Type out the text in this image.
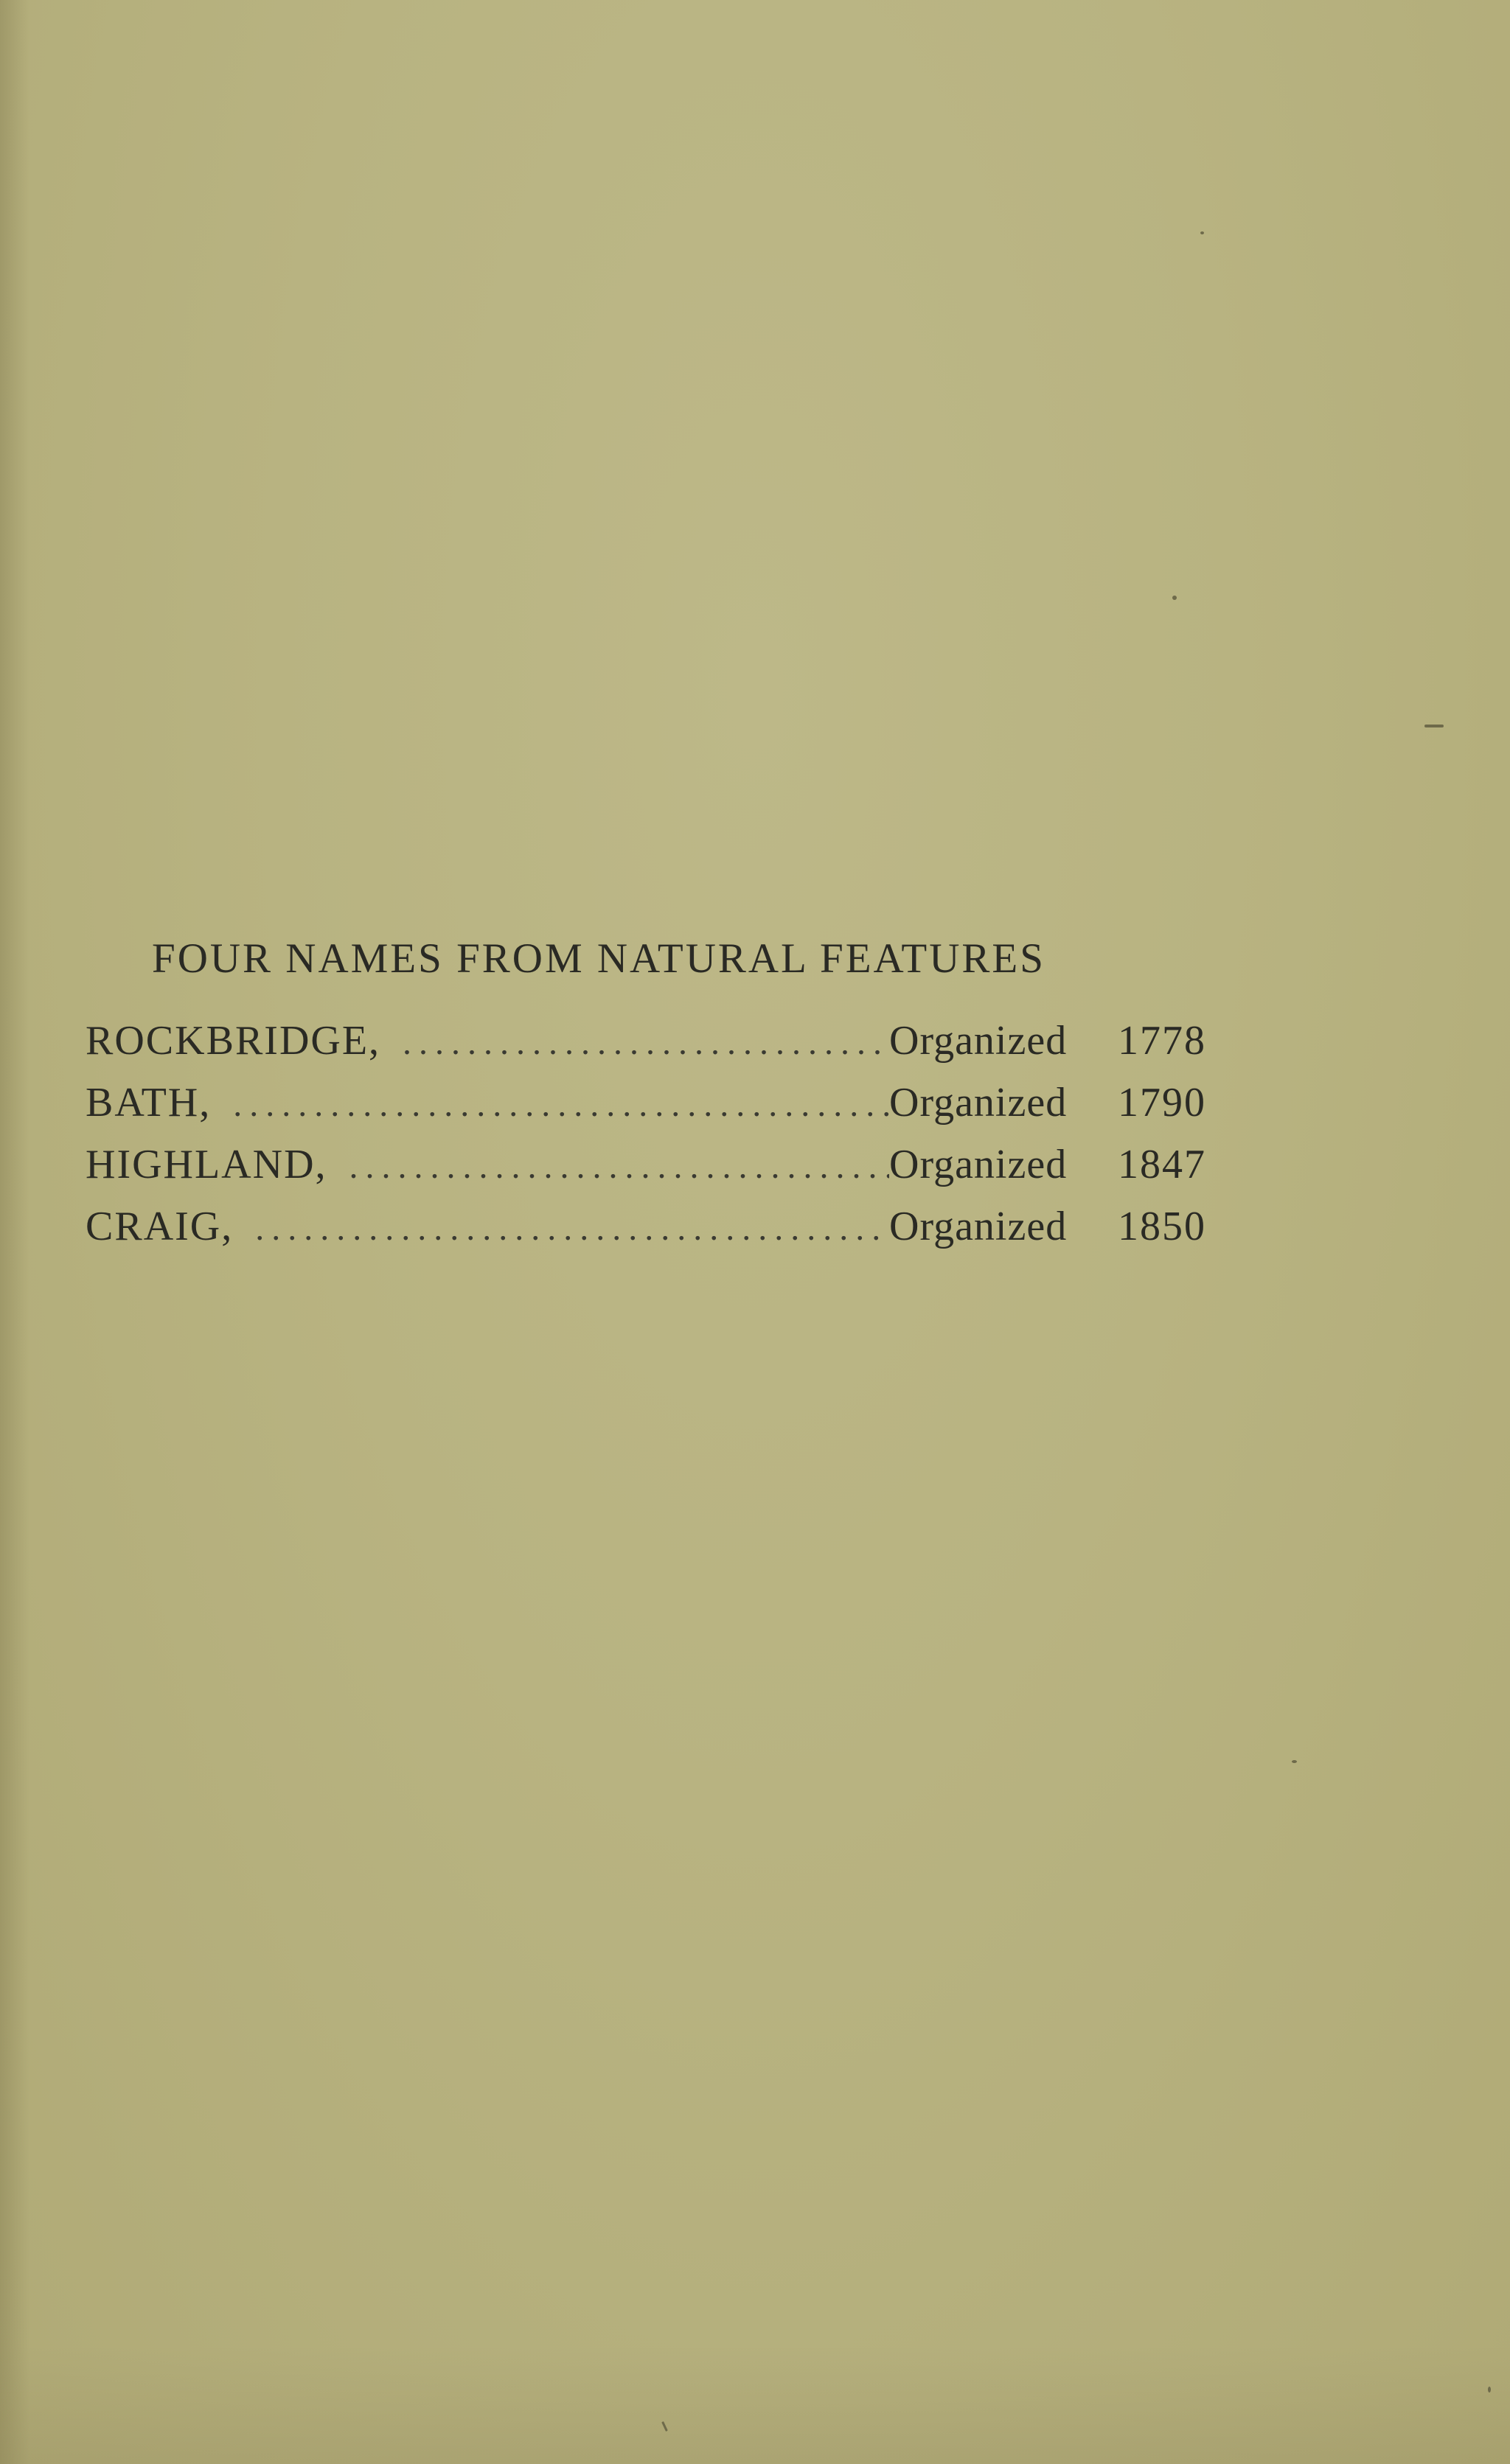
FOUR NAMES FROM NATURAL FEATURES
ROCKBRIDGE, .....	Organized	1778
BATH, .....	Organized	1790
HIGHLAND, .....	Organized	1847
CRAIG, .....	Organized	1850
